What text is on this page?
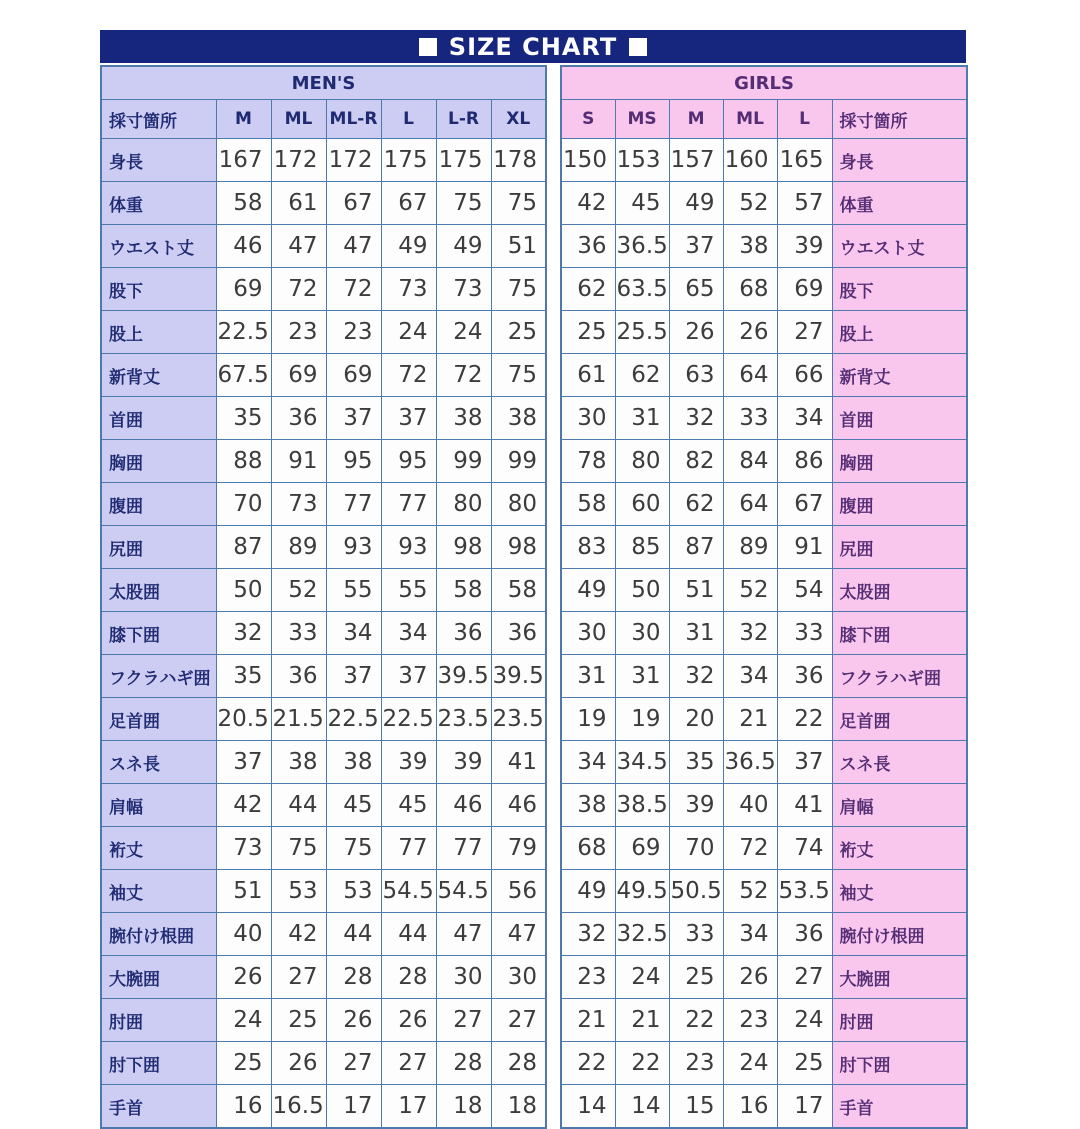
SIZE CHART
MEN'S						
採寸箇所	M	ML	ML-R	L	L-R	XL
身長	167	172	172	175	175	178
体重	58	61	67	67	75	75
ウエスト丈	46	47	47	49	49	51
股下	69	72	72	73	73	75
股上	22.5	23	23	24	24	25
新背丈	67.5	69	69	72	72	75
首囲	35	36	37	37	38	38
胸囲	88	91	95	95	99	99
腹囲	70	73	77	77	80	80
尻囲	87	89	93	93	98	98
太股囲	50	52	55	55	58	58
膝下囲	32	33	34	34	36	36
フクラハギ囲	35	36	37	37	39.5	39.5
足首囲	20.5	21.5	22.5	22.5	23.5	23.5
スネ長	37	38	38	39	39	41
肩幅	42	44	45	45	46	46
裄丈	73	75	75	77	77	79
袖丈	51	53	53	54.5	54.5	56
腕付け根囲	40	42	44	44	47	47
大腕囲	26	27	28	28	30	30
肘囲	24	25	26	26	27	27
肘下囲	25	26	27	27	28	28
手首	16	16.5	17	17	18	18
GIRLS					
S	MS	M	ML	L	採寸箇所
150	153	157	160	165	身長
42	45	49	52	57	体重
36	36.5	37	38	39	ウエスト丈
62	63.5	65	68	69	股下
25	25.5	26	26	27	股上
61	62	63	64	66	新背丈
30	31	32	33	34	首囲
78	80	82	84	86	胸囲
58	60	62	64	67	腹囲
83	85	87	89	91	尻囲
49	50	51	52	54	太股囲
30	30	31	32	33	膝下囲
31	31	32	34	36	フクラハギ囲
19	19	20	21	22	足首囲
34	34.5	35	36.5	37	スネ長
38	38.5	39	40	41	肩幅
68	69	70	72	74	裄丈
49	49.5	50.5	52	53.5	袖丈
32	32.5	33	34	36	腕付け根囲
23	24	25	26	27	大腕囲
21	21	22	23	24	肘囲
22	22	23	24	25	肘下囲
14	14	15	16	17	手首
